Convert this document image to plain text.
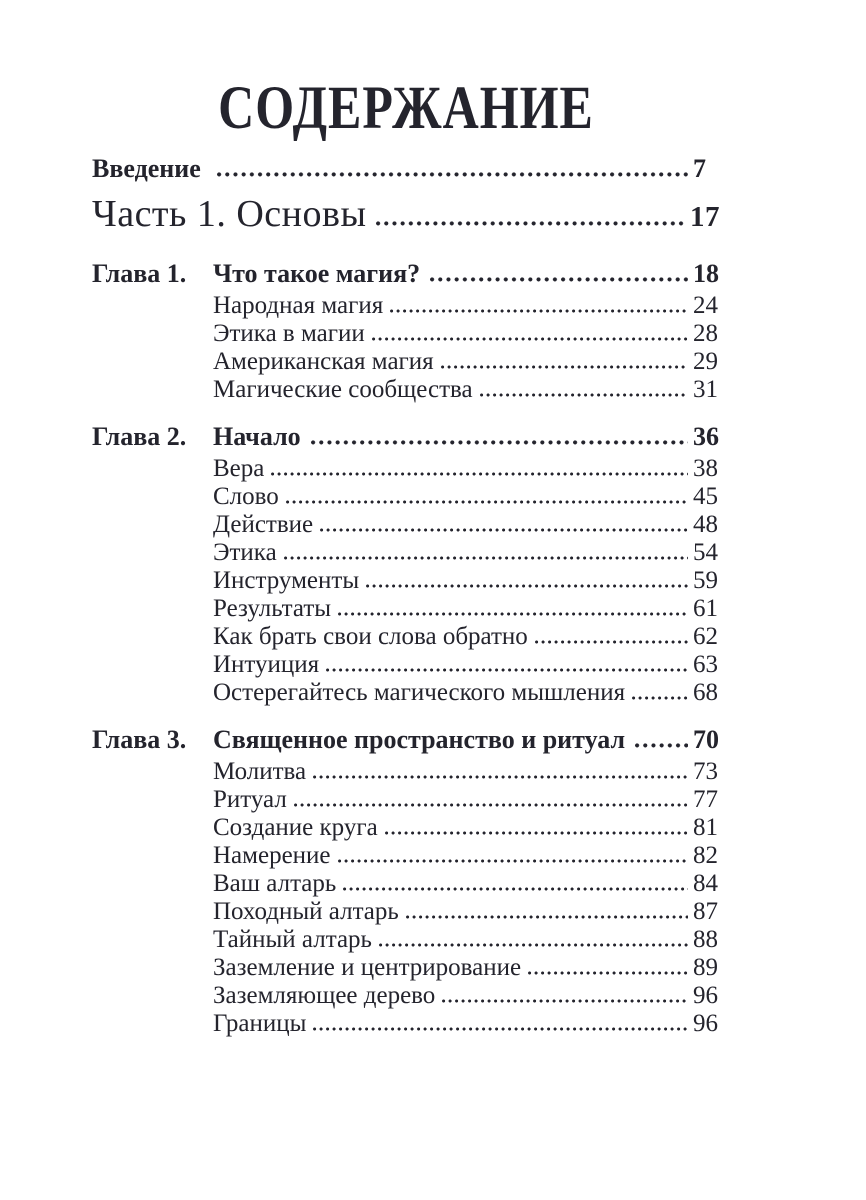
СОДЕРЖАНИЕ
Введение	7
Часть 1. Основы	17
Глава 1.	Что такое магия?	18
Народная магия	24
Этика в магии	28
Американская магия	29
Магические сообщества	31
Глава 2.	Начало	36
Вера	38
Слово	45
Действие	48
Этика	54
Инструменты	59
Результаты	61
Как брать свои слова обратно	62
Интуиция	63
Остерегайтесь магического мышления	68
Глава 3.	Священное пространство и ритуал	70
Молитва	73
Ритуал	77
Создание круга	81
Намерение	82
Ваш алтарь	84
Походный алтарь	87
Тайный алтарь	88
Заземление и центрирование	89
Заземляющее дерево	96
Границы	96
